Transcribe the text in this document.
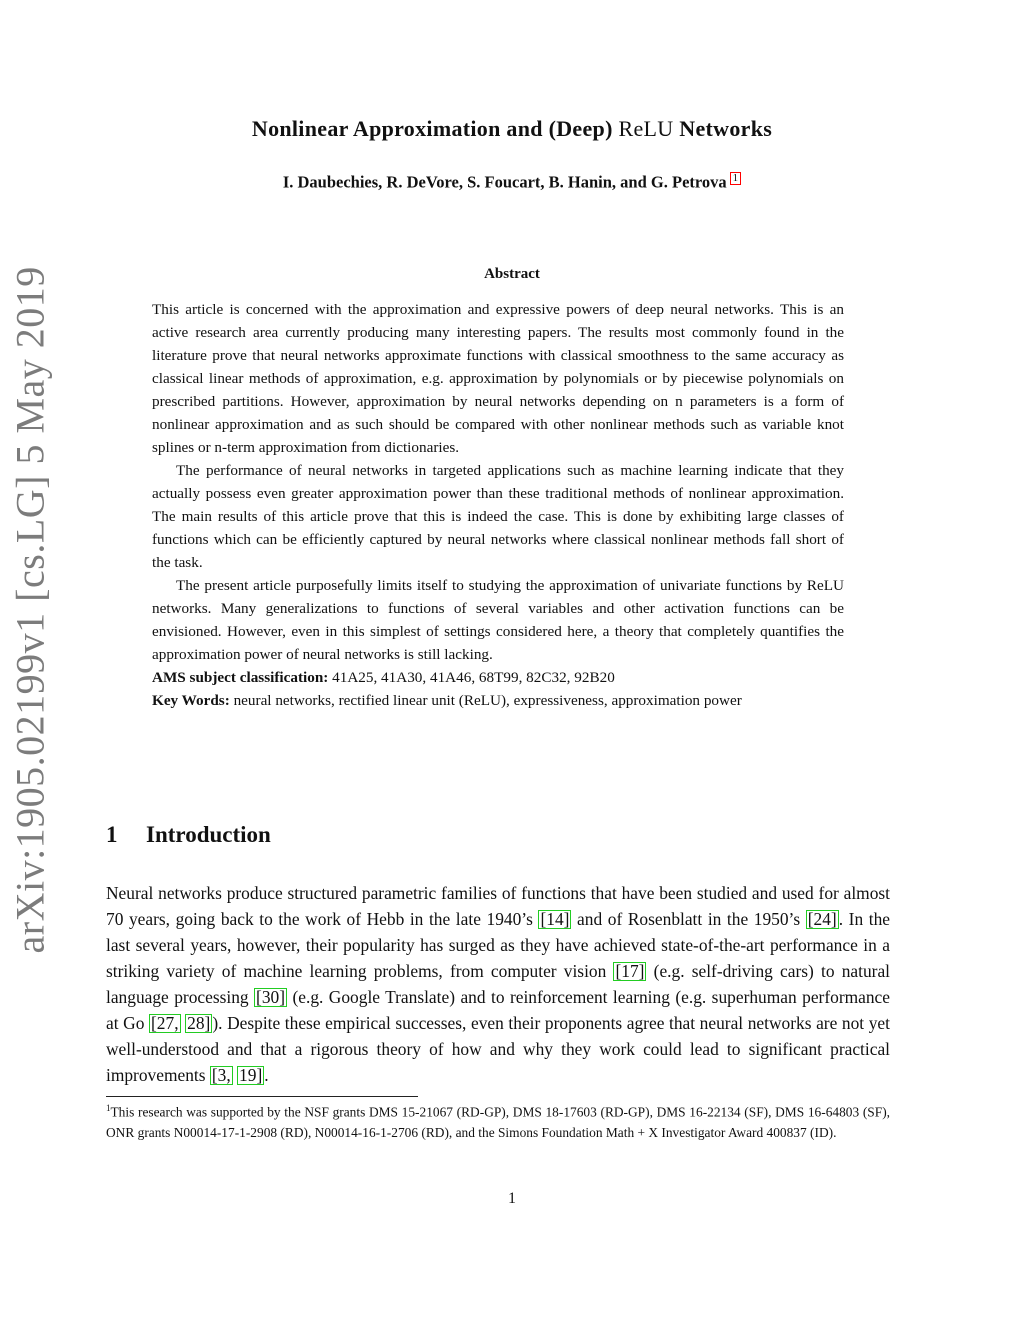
arXiv:1905.02199v1 [cs.LG] 5 May 2019
Nonlinear Approximation and (Deep) ReLU Networks
I. Daubechies, R. DeVore, S. Foucart, B. Hanin, and G. Petrova 1
Abstract

This article is concerned with the approximation and expressive powers of deep neural networks. This is an active research area currently producing many interesting papers. The results most commonly found in the literature prove that neural networks approximate functions with classical smoothness to the same accuracy as classical linear methods of approximation, e.g. approximation by polynomials or by piecewise polynomials on prescribed partitions. However, approximation by neural networks depending on n parameters is a form of nonlinear approximation and as such should be compared with other nonlinear methods such as variable knot splines or n-term approximation from dictionaries.

The performance of neural networks in targeted applications such as machine learning indicate that they actually possess even greater approximation power than these traditional methods of nonlinear approximation. The main results of this article prove that this is indeed the case. This is done by exhibiting large classes of functions which can be efficiently captured by neural networks where classical nonlinear methods fall short of the task.

The present article purposefully limits itself to studying the approximation of univariate functions by ReLU networks. Many generalizations to functions of several variables and other activation functions can be envisioned. However, even in this simplest of settings considered here, a theory that completely quantifies the approximation power of neural networks is still lacking.

AMS subject classification: 41A25, 41A30, 41A46, 68T99, 82C32, 92B20

Key Words: neural networks, rectified linear unit (ReLU), expressiveness, approximation power

1 Introduction

Neural networks produce structured parametric families of functions that have been studied and used for almost 70 years, going back to the work of Hebb in the late 1940’s [14] and of Rosenblatt in the 1950’s [24] . In the last several years, however, their popularity has surged as they have achieved state-of-the-art performance in a striking variety of machine learning problems, from computer vision [17] (e.g. self-driving cars) to natural language processing [30] (e.g. Google Translate) and to reinforcement learning (e.g. superhuman performance at Go [27, 28] ). Despite these empirical successes, even their proponents agree that neural networks are not yet well-understood and that a rigorous theory of how and why they work could lead to significant practical improvements [3, 19] .

$^1$This research was supported by the NSF grants DMS 15-21067 (RD-GP), DMS 18-17603 (RD-GP), DMS 16-22134 (SF), DMS 16-64803 (SF), ONR grants N00014-17-1-2908 (RD), N00014-16-1-2706 (RD), and the Simons Foundation Math + X Investigator Award 400837 (ID).
1
